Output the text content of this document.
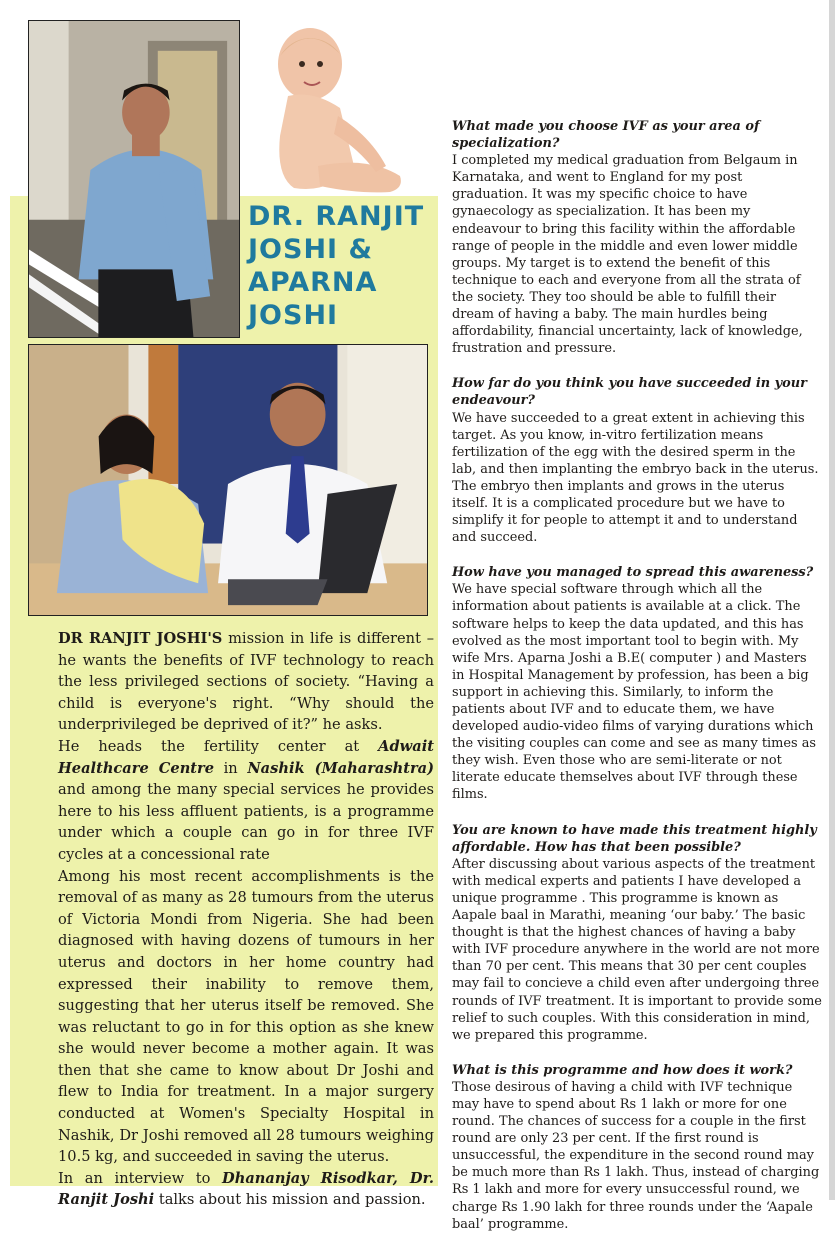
DR. RANJIT
JOSHI &
APARNA
JOSHI

DR RANJIT JOSHI'S mission in life is different – he wants the benefits of IVF technology to reach the less privileged sections of society. “Having a child is everyone's right. “Why should the underprivileged be deprived of it?” he asks.

He heads the fertility center at Adwait Healthcare Centre in Nashik (Maharashtra) and among the many special services he provides here to his less affluent patients, is a programme under which a couple can go in for three IVF cycles at a concessional rate

Among his most recent accomplishments is the removal of as many as 28 tumours from the uterus of Victoria Mondi from Nigeria. She had been diagnosed with having dozens of tumours in her uterus and doctors in her home country had expressed their inability to remove them, suggesting that her uterus itself be removed. She was reluctant to go in for this option as she knew she would never become a mother again. It was then that she came to know about Dr Joshi and flew to India for treatment. In a major surgery conducted at Women's Specialty Hospital in Nashik, Dr Joshi removed all 28 tumours weighing 10.5 kg, and succeeded in saving the uterus.

In an interview to Dhananjay Risodkar, Dr. Ranjit Joshi talks about his mission and passion.

What made you choose IVF as your area of specialization?

I completed my medical graduation from Belgaum in Karnataka, and went to England for my post graduation. It was my specific choice to have gynaecology as specialization. It has been my endeavour to bring this facility within the affordable range of people in the middle and even lower middle groups. My target is to extend the benefit of this technique to each and everyone from all the strata of the society. They too should be able to fulfill their dream of having a baby. The main hurdles being affordability, financial uncertainty, lack of knowledge, frustration and pressure.

How far do you think you have succeeded in your endeavour?

We have succeeded to a great extent in achieving this target. As you know, in-vitro fertilization means fertilization of the egg with the desired sperm in the lab, and then implanting the embryo back in the uterus. The embryo then implants and grows in the uterus itself. It is a complicated procedure but we have to simplify it for people to attempt it and to understand and succeed.

How have you managed to spread this awareness?

We have special software through which all the information about patients is available at a click. The software helps to keep the data updated, and this has evolved as the most important tool to begin with. My wife Mrs. Aparna Joshi a B.E( computer ) and Masters in Hospital Management by profession, has been a big support in achieving this. Similarly, to inform the patients about IVF and to educate them, we have developed audio-video films of varying durations which the visiting couples can come and see as many times as they wish. Even those who are semi-literate or not literate educate themselves about IVF through these films.

You are known to have made this treatment highly affordable. How has that been possible?

After discussing about various aspects of the treatment with medical experts and patients I have developed a unique programme . This programme is known as Aapale baal in Marathi, meaning ‘our baby.’ The basic thought is that the highest chances of having a baby with IVF procedure anywhere in the world are not more than 70 per cent. This means that 30 per cent couples may fail to concieve a child even after undergoing three rounds of IVF treatment. It is important to provide some relief to such couples. With this consideration in mind, we prepared this programme.

What is this programme and how does it work?

Those desirous of having a child with IVF technique may have to spend about Rs 1 lakh or more for one round. The chances of success for a couple in the first round are only 23 per cent. If the first round is unsuccessful, the expenditure in the second round may be much more than Rs 1 lakh. Thus, instead of charging Rs 1 lakh and more for every unsuccessful round, we charge Rs 1.90 lakh for three rounds under the ‘Aapale baal’ programme.
